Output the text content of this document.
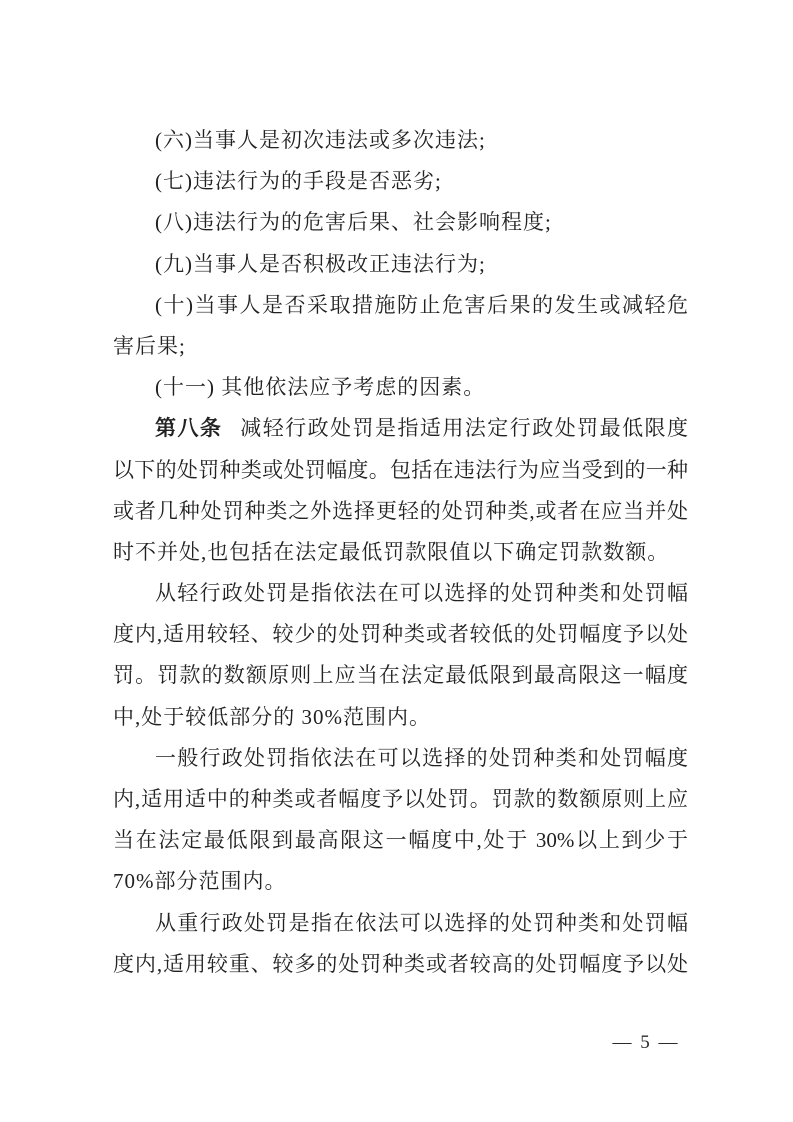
(六)当事人是初次违法或多次违法;
(七)违法行为的手段是否恶劣;
(八)违法行为的危害后果、社会影响程度;
(九)当事人是否积极改正违法行为;
(十)当事人是否采取措施防止危害后果的发生或减轻危
害后果;
(十一) 其他依法应予考虑的因素。
第八条 减轻行政处罚是指适用法定行政处罚最低限度
以下的处罚种类或处罚幅度。包括在违法行为应当受到的一种
或者几种处罚种类之外选择更轻的处罚种类,或者在应当并处
时不并处,也包括在法定最低罚款限值以下确定罚款数额。
从轻行政处罚是指依法在可以选择的处罚种类和处罚幅
度内,适用较轻、较少的处罚种类或者较低的处罚幅度予以处
罚。罚款的数额原则上应当在法定最低限到最高限这一幅度
中,处于较低部分的 30%范围内。
一般行政处罚指依法在可以选择的处罚种类和处罚幅度
内,适用适中的种类或者幅度予以处罚。罚款的数额原则上应
当在法定最低限到最高限这一幅度中,处于 30%以上到少于
70%部分范围内。
从重行政处罚是指在依法可以选择的处罚种类和处罚幅
度内,适用较重、较多的处罚种类或者较高的处罚幅度予以处
— 5 —
